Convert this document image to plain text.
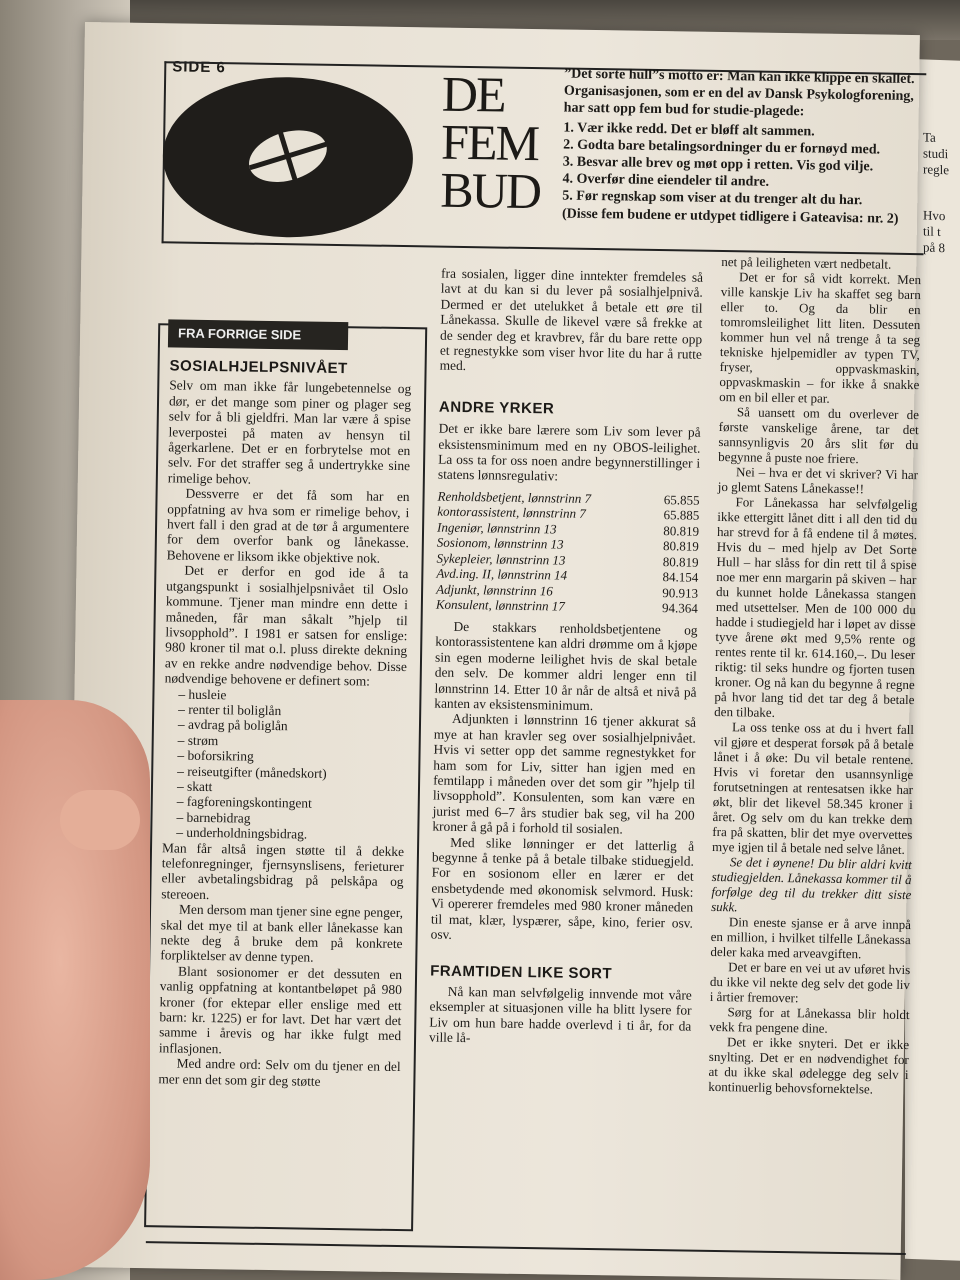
Ta
studi
regle
Hvo
til t
på 8
SIDE 6	DE
FEM
BUD
”Det sorte hull”s motto er: Man kan ikke klippe en skallet. Organisasjonen, som er en del av Dansk Psykologforening, har satt opp fem bud for studie-plagede:
1. Vær ikke redd. Det er bløff alt sammen.
2. Godta bare betalingsordninger du er fornøyd med.
3. Besvar alle brev og møt opp i retten. Vis god vilje.
4. Overfør dine eiendeler til andre.
5. Før regnskap som viser at du trenger alt du har.
(Disse fem budene er utdypet tidligere i Gateavisa: nr. 2)
FRA FORRIGE SIDE
SOSIALHJELPSNIVÅET

Selv om man ikke får lungebetennelse og dør, er det mange som piner og plager seg selv for å bli gjeldfri. Man lar være å spise leverpostei på maten av hensyn til ågerkarlene. Det er en forbrytelse mot en selv. For det straffer seg å undertrykke sine rimelige behov.

Dessverre er det få som har en oppfatning av hva som er rimelige behov, i hvert fall i den grad at de tør å argumentere for dem overfor bank og lånekasse. Behovene er liksom ikke objektive nok.

Det er derfor en god ide å ta utgangspunkt i sosialhjelpsnivået til Oslo kommune. Tjener man mindre enn dette i måneden, får man såkalt ”hjelp til livsopphold”. I 1981 er satsen for enslige: 980 kroner til mat o.l. pluss direkte dekning av en rekke andre nødvendige behov. Disse nødvendige behovene er definert som:

– husleie
– renter til boliglån
– avdrag på boliglån
– strøm
– boforsikring
– reiseutgifter (månedskort)
– skatt
– fagforeningskontingent
– barnebidrag
– underholdningsbidrag.

Man får altså ingen støtte til å dekke telefonregninger, fjernsynslisens, ferieturer eller avbetalingsbidrag på pelskåpa og stereoen.

Men dersom man tjener sine egne penger, skal det mye til at bank eller lånekasse kan nekte deg å bruke dem på konkrete forpliktelser av denne typen.

Blant sosionomer er det dessuten en vanlig oppfatning at kontantbeløpet på 980 kroner (for ektepar eller enslige med ett barn: kr. 1225) er for lavt. Det har vært det samme i årevis og har ikke fulgt med inflasjonen.

Med andre ord: Selv om du tjener en del mer enn det som gir deg støtte

fra sosialen, ligger dine inntekter fremdeles så lavt at du kan si du lever på sosialhjelpnivå. Dermed er det utelukket å betale ett øre til Lånekassa. Skulle de likevel være så frekke at de sender deg et kravbrev, får du bare rette opp et regnestykke som viser hvor lite du har å rutte med.

ANDRE YRKER

Det er ikke bare lærere som Liv som lever på eksistensminimum med en ny OBOS-leilighet. La oss ta for oss noen andre begynnerstillinger i statens lønnsregulativ:

Renholdsbetjent, lønnstrinn 7	65.855
kontorassistent, lønnstrinn 7	65.885
Ingeniør, lønnstrinn 13	80.819
Sosionom, lønnstrinn 13	80.819
Sykepleier, lønnstrinn 13	80.819
Avd.ing. II, lønnstrinn 14	84.154
Adjunkt, lønnstrinn 16	90.913
Konsulent, lønnstrinn 17	94.364

De stakkars renholdsbetjentene og kontorassistentene kan aldri drømme om å kjøpe sin egen moderne leilighet hvis de skal betale den selv. De kommer aldri lenger enn til lønnstrinn 14. Etter 10 år når de altså et nivå på kanten av eksistensminimum.

Adjunkten i lønnstrinn 16 tjener akkurat så mye at han kravler seg over sosialhjelpnivået. Hvis vi setter opp det samme regnestykket for ham som for Liv, sitter han igjen med en femtilapp i måneden over det som gir ”hjelp til livsopphold”. Konsulenten, som kan være en jurist med 6–7 års studier bak seg, vil ha 200 kroner å gå på i forhold til sosialen.

Med slike lønninger er det latterlig å begynne å tenke på å betale tilbake stiduegjeld. For en sosionom eller en lærer er det ensbetydende med økonomisk selvmord. Husk: Vi opererer fremdeles med 980 kroner måneden til mat, klær, lyspærer, såpe, kino, ferier osv. osv.

FRAMTIDEN LIKE SORT

Nå kan man selvfølgelig innvende mot våre eksempler at situasjonen ville ha blitt lysere for Liv om hun bare hadde overlevd i ti år, for da ville lå-

net på leiligheten vært nedbetalt.

Det er for så vidt korrekt. Men ville kanskje Liv ha skaffet seg barn eller to. Og da blir en tomromsleilighet litt liten. Dessuten kommer hun vel nå trenge å ta seg tekniske hjelpemidler av typen TV, fryser, oppvaskmaskin, oppvaskmaskin – for ikke å snakke om en bil eller et par.

Så uansett om du overlever de første vanskelige årene, tar det sannsynligvis 20 års slit før du begynne å puste noe friere.

Nei – hva er det vi skriver? Vi har jo glemt Satens Lånekasse!!

For Lånekassa har selvfølgelig ikke ettergitt lånet ditt i all den tid du har strevd for å få endene til å møtes. Hvis du – med hjelp av Det Sorte Hull – har slåss for din rett til å spise noe mer enn margarin på skiven – har du kunnet holde Lånekassa stangen med utsettelser. Men de 100 000 du hadde i studiegjeld har i løpet av disse tyve årene økt med 9,5% rente og rentes rente til kr. 614.160,–. Du leser riktig: til seks hundre og fjorten tusen kroner. Og nå kan du begynne å regne på hvor lang tid det tar deg å betale den tilbake.

La oss tenke oss at du i hvert fall vil gjøre et desperat forsøk på å betale lånet i å øke: Du vil betale rentene. Hvis vi foretar den usannsynlige forutsetningen at rentesatsen ikke har økt, blir det likevel 58.345 kroner i året. Og selv om du kan trekke dem fra på skatten, blir det mye overvettes mye igjen til å betale ned selve lånet.

Se det i øynene! Du blir aldri kvitt studiegjelden. Lånekassa kommer til å forfølge deg til du trekker ditt siste sukk.

Din eneste sjanse er å arve innpå en million, i hvilket tilfelle Lånekassa deler kaka med arveavgiften.

Det er bare en vei ut av uføret hvis du ikke vil nekte deg selv det gode liv i årtier fremover:

Sørg for at Lånekassa blir holdt vekk fra pengene dine.

Det er ikke snyteri. Det er ikke snylting. Det er en nødvendighet for at du ikke skal ødelegge deg selv i kontinuerlig behovsfornektelse.
